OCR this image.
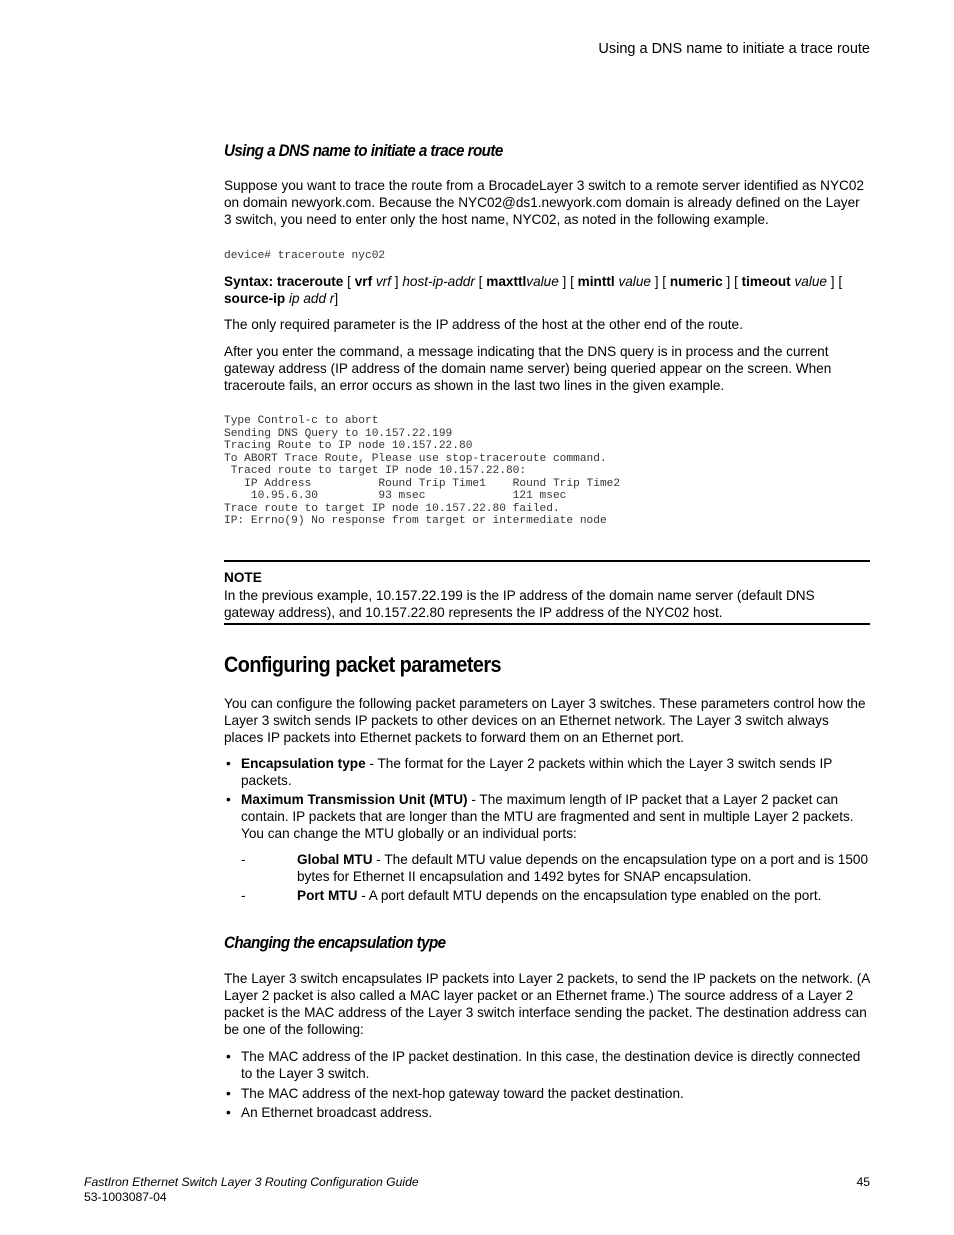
Using a DNS name to initiate a trace route
Using a DNS name to initiate a trace route

Suppose you want to trace the route from a BrocadeLayer 3 switch to a remote server identified as NYC02 on domain newyork.com. Because the NYC02@ds1.newyork.com domain is already defined on the Layer 3 switch, you need to enter only the host name, NYC02, as noted in the following example.

device# traceroute nyc02

Syntax: traceroute [ vrf vrf ] host-ip-addr [ maxttlvalue ] [ minttl value ] [ numeric ] [ timeout value ] [
source-ip ip add r]

The only required parameter is the IP address of the host at the other end of the route.

After you enter the command, a message indicating that the DNS query is in process and the current gateway address (IP address of the domain name server) being queried appear on the screen. When traceroute fails, an error occurs as shown in the last two lines in the given example.

Type Control-c to abort
Sending DNS Query to 10.157.22.199
Tracing Route to IP node 10.157.22.80
To ABORT Trace Route, Please use stop-traceroute command.
Traced route to target IP node 10.157.22.80:
IP Address          Round Trip Time1    Round Trip Time2
10.95.6.30         93 msec             121 msec
Trace route to target IP node 10.157.22.80 failed.
IP: Errno(9) No response from target or intermediate node
NOTE
In the previous example, 10.157.22.199 is the IP address of the domain name server (default DNS gateway address), and 10.157.22.80 represents the IP address of the NYC02 host.
Configuring packet parameters

You can configure the following packet parameters on Layer 3 switches. These parameters control how the Layer 3 switch sends IP packets to other devices on an Ethernet network. The Layer 3 switch always places IP packets into Ethernet packets to forward them on an Ethernet port.

• Encapsulation type - The format for the Layer 2 packets within which the Layer 3 switch sends IP packets.
• Maximum Transmission Unit (MTU) - The maximum length of IP packet that a Layer 2 packet can contain. IP packets that are longer than the MTU are fragmented and sent in multiple Layer 2 packets. You can change the MTU globally or an individual ports:
-	Global MTU - The default MTU value depends on the encapsulation type on a port and is 1500 bytes for Ethernet II encapsulation and 1492 bytes for SNAP encapsulation.
-	Port MTU - A port default MTU depends on the encapsulation type enabled on the port.
Changing the encapsulation type

The Layer 3 switch encapsulates IP packets into Layer 2 packets, to send the IP packets on the network. (A Layer 2 packet is also called a MAC layer packet or an Ethernet frame.) The source address of a Layer 2 packet is the MAC address of the Layer 3 switch interface sending the packet. The destination address can be one of the following:

• The MAC address of the IP packet destination. In this case, the destination device is directly connected to the Layer 3 switch.
• The MAC address of the next-hop gateway toward the packet destination.
• An Ethernet broadcast address.
FastIron Ethernet Switch Layer 3 Routing Configuration Guide
53-1003087-04
45
